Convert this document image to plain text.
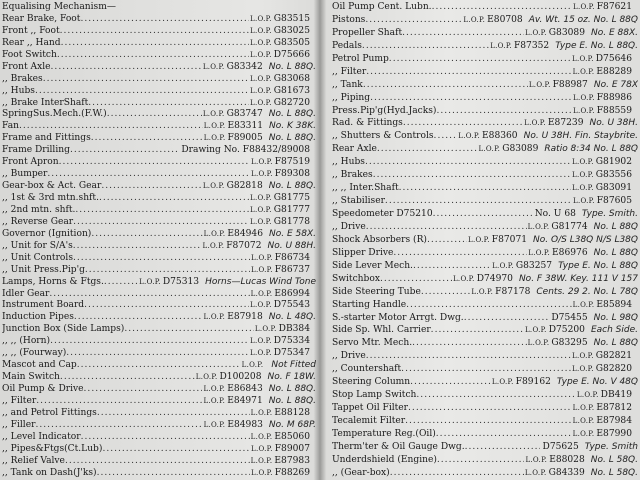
Equalising Mechanism—
Rear Brake, Foot .....	L.O.P. G83515
Front ,, Foot .....	L.O.P. G83025
Rear ,, Hand .....	L.O.P. G83505
Foot Switch .....	L.O.P. D75666
Front Axle .....	L.O.P. G83342 No. L 88Q.
,, Brakes .....	L.O.P. G83068
,, Hubs .....	L.O.P. G81673
,, Brake InterShaft .....	L.O.P. G82720
SpringSus.Mech.(F.W.) .....	L.O.P. G83747 No. L 88Q.
Fan .....	L.O.P. E83311 No. K 38K.
Frame and Fittings .....	L.O.P. F89005 No. L 88Q.
Frame Drilling .....	Drawing No. F88432/89008
Front Apron .....	L.O.P. F87519
,, Bumper .....	L.O.P. F89308
Gear-box & Act. Gear .....	L.O.P. G82818 No. L 88Q.
,, 1st & 3rd mtn.shft. .....	L.O.P. G81775
,, 2nd mtn. shft. .....	L.O.P. G81777
,, Reverse Gear .....	L.O.P. G81778
Governor (Ignition) .....	L.O.P. E84946 No. E 58X.
,, Unit for S/A's .....	L.O.P. F87072 No. U 88H.
,, Unit Controls .....	L.O.P. F86734
,, Unit Press.Pip'g .....	L.O.P. F86737
Lamps, Horns & Ftgs. .....	L.O.P. D75313 Horns—Lucas Wind Tone
Idler Gear .....	L.O.P. E86994
Instrument Board .....	L.O.P. D75543
Induction Pipes .....	L.O.P. E87918 No. L 48Q.
Junction Box (Side Lamps) .....	L.O.P. DB384
,, ,, (Horn) .....	L.O.P. D75334
,, ,, (Fourway) .....	L.O.P. D75347
Mascot and Cap .....	L.O.P. Not Fitted
Main Switch .....	L.O.P. D100208 No. F 18W.
Oil Pump & Drive .....	L.O.P. E86843 No. L 88Q.
,, Filter .....	L.O.P. E84971 No. L 88Q.
,, and Petrol Fittings .....	L.O.P. E88128
,, Filler .....	L.O.P. E84983 No. M 68P.
,, Level Indicator .....	L.O.P. E85060
,, Pipes&Ftgs(Ct.Lub) .....	L.O.P. F89007
,, Relief Valve .....	L.O.P. E87983
,, Tank on Dash(J'ks) .....	L.O.P. F88269
Oil Pump Cent. Lubn. .....	L.O.P. F87621
Pistons .....	L.O.P. E80708 Av. Wt. 15 oz. No. L 88Q
Propeller Shaft .....	L.O.P. G83089 No. E 88X.
Pedals .....	L.O.P. F87352 Type E. No. L 88Q.
Petrol Pump .....	L.O.P. D75646
,, Filter .....	L.O.P. E88289
,, Tank .....	L.O.P. F88987 No. E 78X
,, Piping .....	L.O.P. F88986
Press.Pip'g(Hyd.Jacks) .....	L.O.P. F88559
Rad. & Fittings .....	L.O.P. E87239 No. U 38H.
,, Shutters & Controls .....	L.O.P. E88360 No. U 38H. Fin. Staybrite.
Rear Axle .....	L.O.P. G83089 Ratio 8:34 No. L 88Q
,, Hubs .....	L.O.P. G81902
,, Brakes .....	L.O.P. G83556
,, ,, Inter.Shaft .....	L.O.P. G83091
,, Stabiliser .....	L.O.P. F87605
Speedometer D75210 .....	No. U 68 Type. Smith.
,, Drive .....	L.O.P. G81774 No. L 88Q
Shock Absorbers (R) .....	L.O.P. F87071 No. O/S L38Q N/S L38Q
Slipper Drive .....	L.O.P. E86976 No. L 88Q
Side Lever Mech. .....	L.O.P. G83257 Type E. No. L 88Q
Switchbox .....	L.O.P. D74970 No. F 38W. Key. 111 V 157
Side Steering Tube .....	L.O.P. F87178 Cents. 29 2. No. L 78Q
Starting Handle .....	L.O.P. E85894
S.-starter Motor Arrgt. Dwg. .....	D75455 No. L 98Q
Side Sp. Whl. Carrier .....	L.O.P. D75200 Each Side.
Servo Mtr. Mech. .....	L.O.P. G83295 No. L 88Q
,, Drive .....	L.O.P. G82821
,, Countershaft .....	L.O.P. G82820
Steering Column .....	L.O.P. F89162 Type E. No. V 48Q
Stop Lamp Switch .....	L.O.P. DB419
Tappet Oil Filter .....	L.O.P. E87812
Tecalemit Filter .....	L.O.P. E87984
Temperature Reg.(Oil) .....	L.O.P. E87990
Therm'ter & Oil Gauge Dwg. .....	D75625 Type. Smith
Underdshield (Engine) .....	L.O.P. E88028 No. L 58Q.
,, (Gear-box) .....	L.O.P. G84339 No. L 58Q.
